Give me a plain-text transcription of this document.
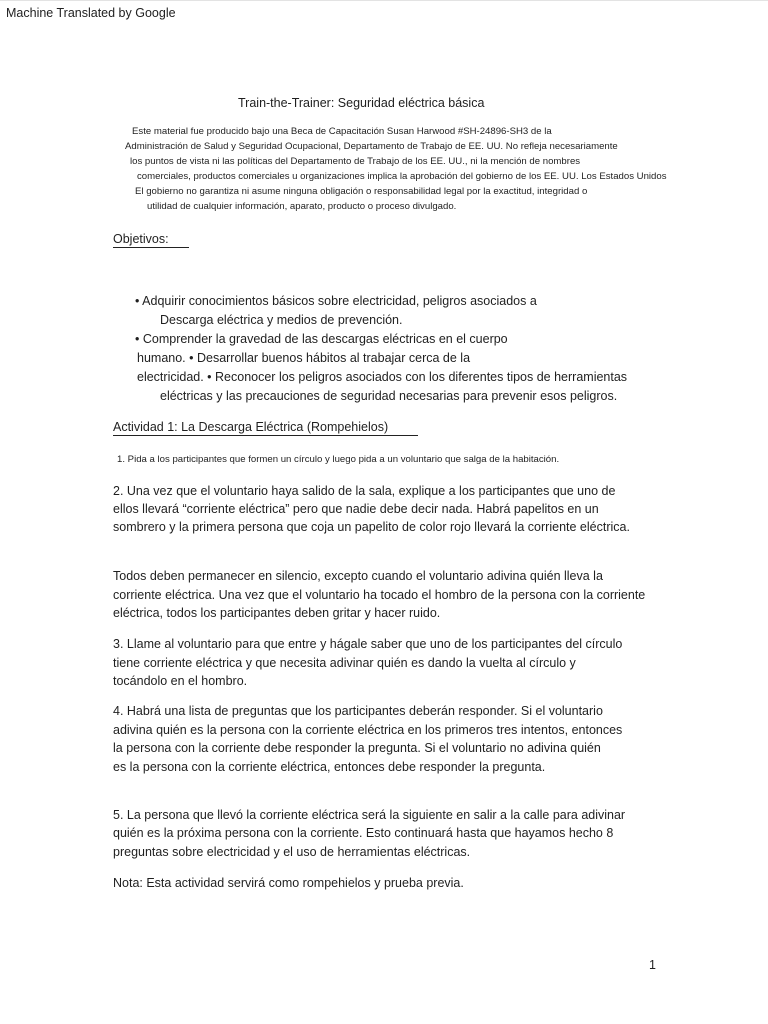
Machine Translated by Google
Train-the-Trainer: Seguridad eléctrica básica
Este material fue producido bajo una Beca de Capacitación Susan Harwood #SH-24896-SH3 de la
Administración de Salud y Seguridad Ocupacional, Departamento de Trabajo de EE. UU. No refleja necesariamente
los puntos de vista ni las políticas del Departamento de Trabajo de los EE. UU., ni la mención de nombres
comerciales, productos comerciales u organizaciones implica la aprobación del gobierno de los EE. UU. Los Estados Unidos
El gobierno no garantiza ni asume ninguna obligación o responsabilidad legal por la exactitud, integridad o
utilidad de cualquier información, aparato, producto o proceso divulgado.
Objetivos:
• Adquirir conocimientos básicos sobre electricidad, peligros asociados a
Descarga eléctrica y medios de prevención.
• Comprender la gravedad de las descargas eléctricas en el cuerpo
humano. • Desarrollar buenos hábitos al trabajar cerca de la
electricidad. • Reconocer los peligros asociados con los diferentes tipos de herramientas
eléctricas y las precauciones de seguridad necesarias para prevenir esos peligros.
Actividad 1: La Descarga Eléctrica (Rompehielos)
1. Pida a los participantes que formen un círculo y luego pida a un voluntario que salga de la habitación.
2. Una vez que el voluntario haya salido de la sala, explique a los participantes que uno de
ellos llevará “corriente eléctrica” pero que nadie debe decir nada. Habrá papelitos en un
sombrero y la primera persona que coja un papelito de color rojo llevará la corriente eléctrica.
Todos deben permanecer en silencio, excepto cuando el voluntario adivina quién lleva la
corriente eléctrica. Una vez que el voluntario ha tocado el hombro de la persona con la corriente
eléctrica, todos los participantes deben gritar y hacer ruido.
3. Llame al voluntario para que entre y hágale saber que uno de los participantes del círculo
tiene corriente eléctrica y que necesita adivinar quién es dando la vuelta al círculo y
tocándolo en el hombro.
4. Habrá una lista de preguntas que los participantes deberán responder. Si el voluntario
adivina quién es la persona con la corriente eléctrica en los primeros tres intentos, entonces
la persona con la corriente debe responder la pregunta. Si el voluntario no adivina quién
es la persona con la corriente eléctrica, entonces debe responder la pregunta.
5. La persona que llevó la corriente eléctrica será la siguiente en salir a la calle para adivinar
quién es la próxima persona con la corriente. Esto continuará hasta que hayamos hecho 8
preguntas sobre electricidad y el uso de herramientas eléctricas.
Nota: Esta actividad servirá como rompehielos y prueba previa.
1
